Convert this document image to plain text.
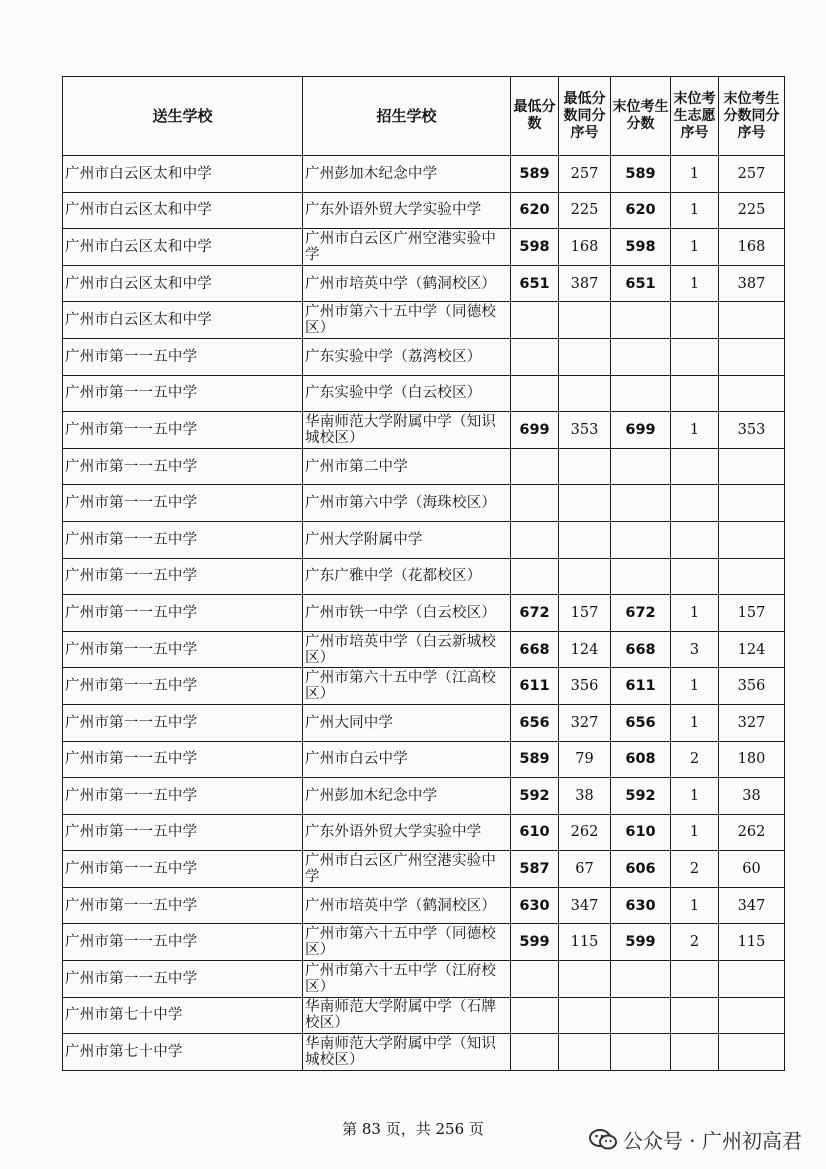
送生学校	招生学校	最低分数	最低分数同分序号	末位考生分数	末位考生志愿序号	末位考生分数同分序号
广州市白云区太和中学	广州彭加木纪念中学	589	257	589	1	257
广州市白云区太和中学	广东外语外贸大学实验中学	620	225	620	1	225
广州市白云区太和中学	广州市白云区广州空港实验中学	598	168	598	1	168
广州市白云区太和中学	广州市培英中学（鹤洞校区）	651	387	651	1	387
广州市白云区太和中学	广州市第六十五中学（同德校区）					
广州市第一一五中学	广东实验中学（荔湾校区）					
广州市第一一五中学	广东实验中学（白云校区）					
广州市第一一五中学	华南师范大学附属中学（知识城校区）	699	353	699	1	353
广州市第一一五中学	广州市第二中学					
广州市第一一五中学	广州市第六中学（海珠校区）					
广州市第一一五中学	广州大学附属中学					
广州市第一一五中学	广东广雅中学（花都校区）					
广州市第一一五中学	广州市铁一中学（白云校区）	672	157	672	1	157
广州市第一一五中学	广州市培英中学（白云新城校区）	668	124	668	3	124
广州市第一一五中学	广州市第六十五中学（江高校区）	611	356	611	1	356
广州市第一一五中学	广州大同中学	656	327	656	1	327
广州市第一一五中学	广州市白云中学	589	79	608	2	180
广州市第一一五中学	广州彭加木纪念中学	592	38	592	1	38
广州市第一一五中学	广东外语外贸大学实验中学	610	262	610	1	262
广州市第一一五中学	广州市白云区广州空港实验中学	587	67	606	2	60
广州市第一一五中学	广州市培英中学（鹤洞校区）	630	347	630	1	347
广州市第一一五中学	广州市第六十五中学（同德校区）	599	115	599	2	115
广州市第一一五中学	广州市第六十五中学（江府校区）					
广州市第七十中学	华南师范大学附属中学（石牌校区）					
广州市第七十中学	华南师范大学附属中学（知识城校区）					
第 83 页，共 256 页	公众号 · 广州初高君
